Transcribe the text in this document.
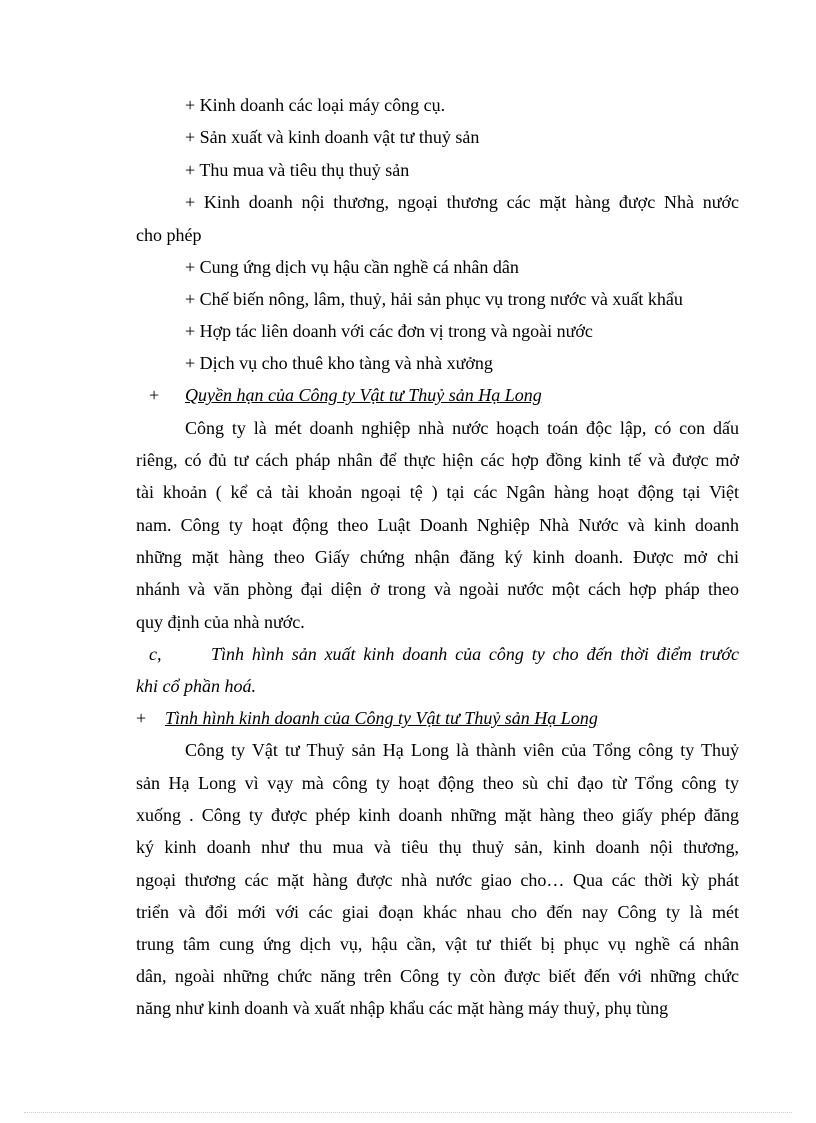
+ Kinh doanh các loại máy công cụ.
+ Sản xuất và kinh doanh vật tư thuỷ sản
+ Thu mua và tiêu thụ thuỷ sản
+ Kinh doanh nội thương, ngoại thương các mặt hàng được Nhà nước
cho phép
+ Cung ứng dịch vụ hậu cần nghề cá nhân dân
+ Chế biến nông, lâm, thuỷ, hải sản phục vụ trong nước và xuất khẩu
+ Hợp tác liên doanh với các đơn vị trong và ngoài nước
+ Dịch vụ cho thuê kho tàng và nhà xưởng
+ Quyền hạn của Công ty Vật tư Thuỷ sản Hạ Long
Công ty là mét doanh nghiệp nhà nước hoạch toán độc lập, có con dấu
riêng, có đủ tư cách pháp nhân để thực hiện các hợp đồng kinh tế và được mở
tài khoản ( kể cả tài khoản ngoại tệ ) tại các Ngân hàng hoạt động tại Việt
nam. Công ty hoạt động theo Luật Doanh Nghiệp Nhà Nước và kinh doanh
những mặt hàng theo Giấy chứng nhận đăng ký kinh doanh. Được mở chi
nhánh và văn phòng đại diện ở trong và ngoài nước một cách hợp pháp theo
quy định của nhà nước.
c,	Tình hình sản xuất kinh doanh của công ty cho đến thời điểm trước
khi cổ phần hoá.
+ Tình hình kinh doanh của Công ty Vật tư Thuỷ sản Hạ Long
Công ty Vật tư Thuỷ sản Hạ Long là thành viên của Tổng công ty Thuỷ
sản Hạ Long vì vạy mà công ty hoạt động theo sù chỉ đạo từ Tổng công ty
xuống . Công ty được phép kinh doanh những mặt hàng theo giấy phép đăng
ký kinh doanh như thu mua và tiêu thụ thuỷ sản, kinh doanh nội thương,
ngoại thương các mặt hàng được nhà nước giao cho… Qua các thời kỳ phát
triển và đổi mới với các giai đoạn khác nhau cho đến nay Công ty là mét
trung tâm cung ứng dịch vụ, hậu cần, vật tư thiết bị phục vụ nghề cá nhân
dân, ngoài những chức năng trên Công ty còn được biết đến với những chức
năng như kinh doanh và xuất nhập khẩu các mặt hàng máy thuỷ, phụ tùng
